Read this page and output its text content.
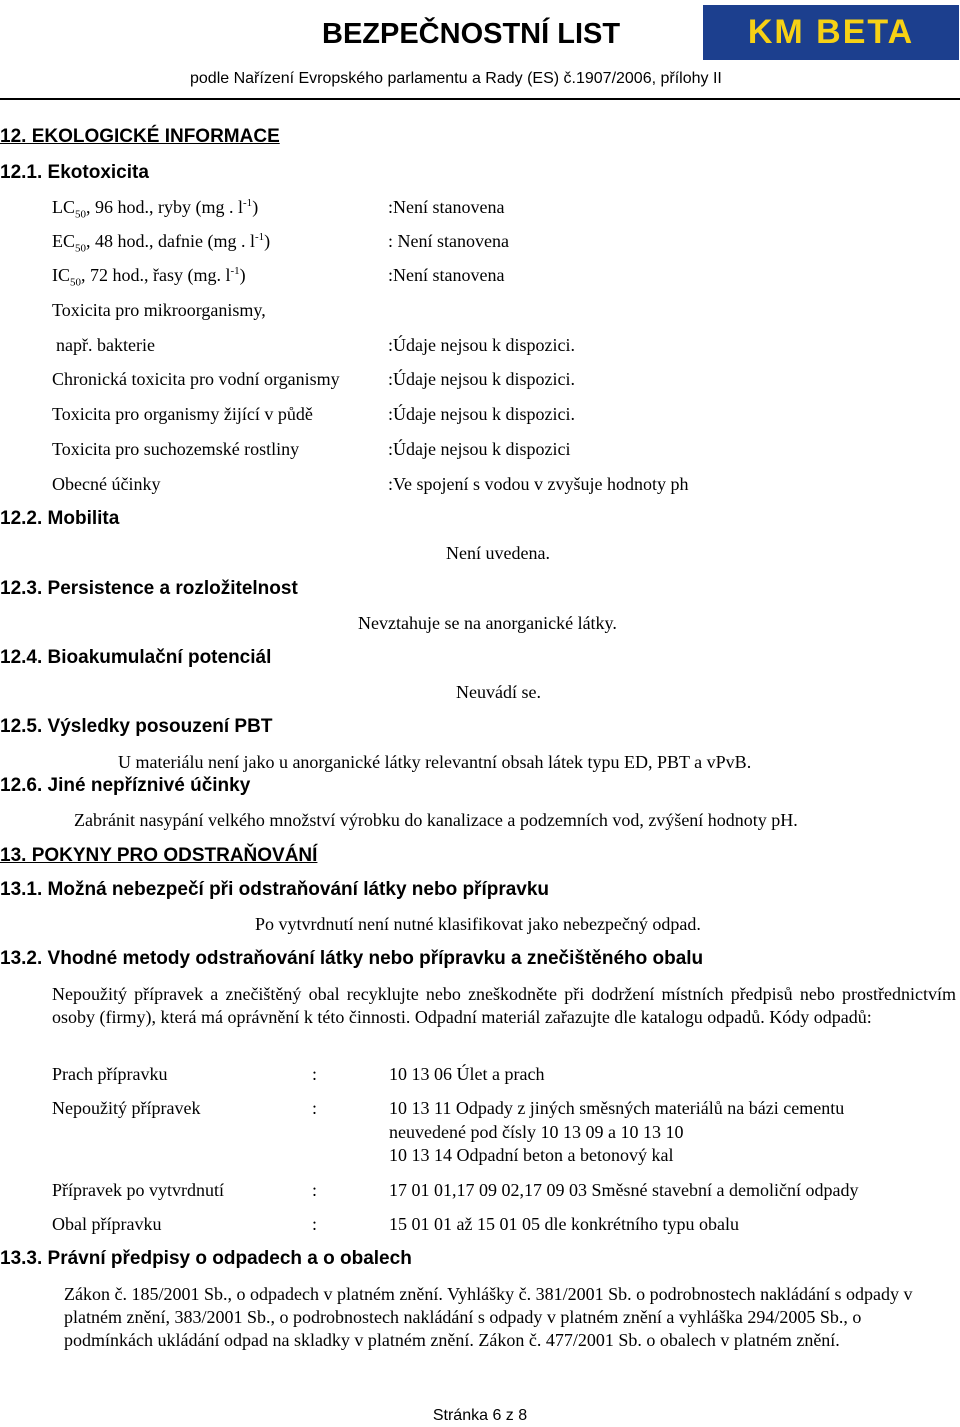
BEZPEČNOSTNÍ LIST	KM BETA
podle Nařízení Evropského parlamentu a Rady (ES) č.1907/2006, přílohy II
12. EKOLOGICKÉ INFORMACE
12.1. Ekotoxicita
$LC_{50}$, 96 hod., ryby (mg . $l^{-1}$)	:Není stanovena
$EC_{50}$, 48 hod., dafnie (mg . $l^{-1}$)	: Není stanovena
$IC_{50}$, 72 hod., řasy (mg. $l^{-1}$)	:Není stanovena
Toxicita pro mikroorganismy,
např. bakterie	:Údaje nejsou k dispozici.
Chronická toxicita pro vodní organismy	:Údaje nejsou k dispozici.
Toxicita pro organismy žijící v půdě	:Údaje nejsou k dispozici.
Toxicita pro suchozemské rostliny	:Údaje nejsou k dispozici
Obecné účinky	:Ve spojení s vodou v zvyšuje hodnoty ph
12.2. Mobilita
Není uvedena.
12.3. Persistence a rozložitelnost
Nevztahuje se na anorganické látky.
12.4. Bioakumulační potenciál
Neuvádí se.
12.5. Výsledky posouzení PBT
U materiálu není jako u anorganické látky relevantní obsah látek typu ED, PBT a vPvB.
12.6. Jiné nepříznivé účinky
Zabránit nasypání velkého množství výrobku do kanalizace a podzemních vod, zvýšení hodnoty pH.
13. POKYNY PRO ODSTRAŇOVÁNÍ
13.1. Možná nebezpečí při odstraňování látky nebo přípravku
Po vytvrdnutí není nutné klasifikovat jako nebezpečný odpad.
13.2. Vhodné metody odstraňování látky nebo přípravku a znečištěného obalu
Nepoužitý přípravek a znečištěný obal recyklujte nebo zneškodněte při dodržení místních předpisů nebo prostřednictvím osoby (firmy), která má oprávnění k této činnosti. Odpadní materiál zařazujte dle katalogu odpadů. Kódy odpadů:
Prach přípravku	:	10 13 06 Úlet a prach
Nepoužitý přípravek	:	10 13 11 Odpady z jiných směsných materiálů na bázi cementu
neuvedené pod čísly 10 13 09 a 10 13 10
10 13 14 Odpadní beton a betonový kal
Přípravek po vytvrdnutí	:	17 01 01,17 09 02,17 09 03 Směsné stavební a demoliční odpady
Obal přípravku	:	15 01 01 až 15 01 05 dle konkrétního typu obalu
13.3. Právní předpisy o odpadech a o obalech
Zákon č. 185/2001 Sb., o odpadech v platném znění. Vyhlášky č. 381/2001 Sb. o podrobnostech nakládání s odpady v platném znění, 383/2001 Sb., o podrobnostech nakládání s odpady v platném znění a vyhláška 294/2005 Sb., o podmínkách ukládání odpad na skladky v platném znění. Zákon č. 477/2001 Sb. o obalech v platném znění.
Stránka 6 z 8
